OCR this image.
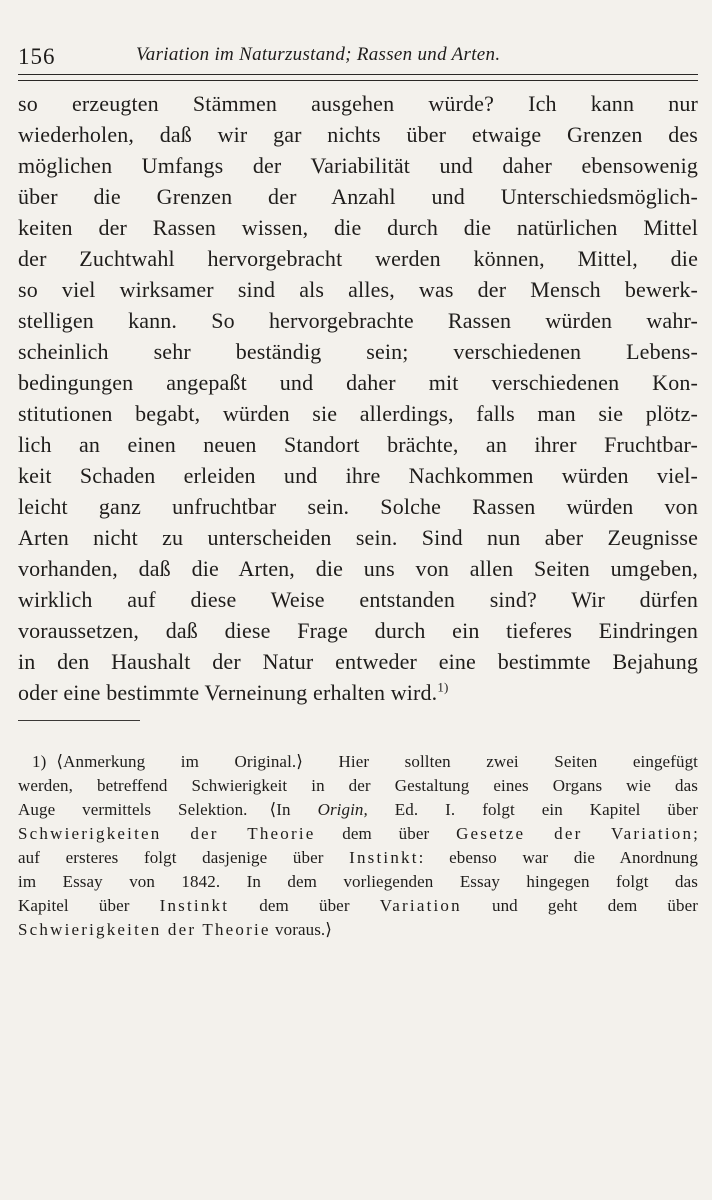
156	Variation im Naturzustand; Rassen und Arten.
so erzeugten Stämmen ausgehen würde? Ich kann nur
wiederholen, daß wir gar nichts über etwaige Grenzen des
möglichen Umfangs der Variabilität und daher ebensowenig
über die Grenzen der Anzahl und Unterschiedsmöglich-
keiten der Rassen wissen, die durch die natürlichen Mittel
der Zuchtwahl hervorgebracht werden können, Mittel, die
so viel wirksamer sind als alles, was der Mensch bewerk-
stelligen kann. So hervorgebrachte Rassen würden wahr-
scheinlich sehr beständig sein; verschiedenen Lebens-
bedingungen angepaßt und daher mit verschiedenen Kon-
stitutionen begabt, würden sie allerdings, falls man sie plötz-
lich an einen neuen Standort brächte, an ihrer Fruchtbar-
keit Schaden erleiden und ihre Nachkommen würden viel-
leicht ganz unfruchtbar sein. Solche Rassen würden von
Arten nicht zu unterscheiden sein. Sind nun aber Zeugnisse
vorhanden, daß die Arten, die uns von allen Seiten umgeben,
wirklich auf diese Weise entstanden sind? Wir dürfen
voraussetzen, daß diese Frage durch ein tieferes Eindringen
in den Haushalt der Natur entweder eine bestimmte Bejahung
oder eine bestimmte Verneinung erhalten wird.$^{1)}$
1) ⟨Anmerkung im Original.⟩ Hier sollten zwei Seiten eingefügt
werden, betreffend Schwierigkeit in der Gestaltung eines Organs wie das
Auge vermittels Selektion. ⟨In Origin, Ed. I. folgt ein Kapitel über
Schwierigkeiten der Theorie dem über Gesetze der Variation;
auf ersteres folgt dasjenige über Instinkt: ebenso war die Anordnung
im Essay von 1842. In dem vorliegenden Essay hingegen folgt das
Kapitel über Instinkt dem über Variation und geht dem über
Schwierigkeiten der Theorie voraus.⟩
